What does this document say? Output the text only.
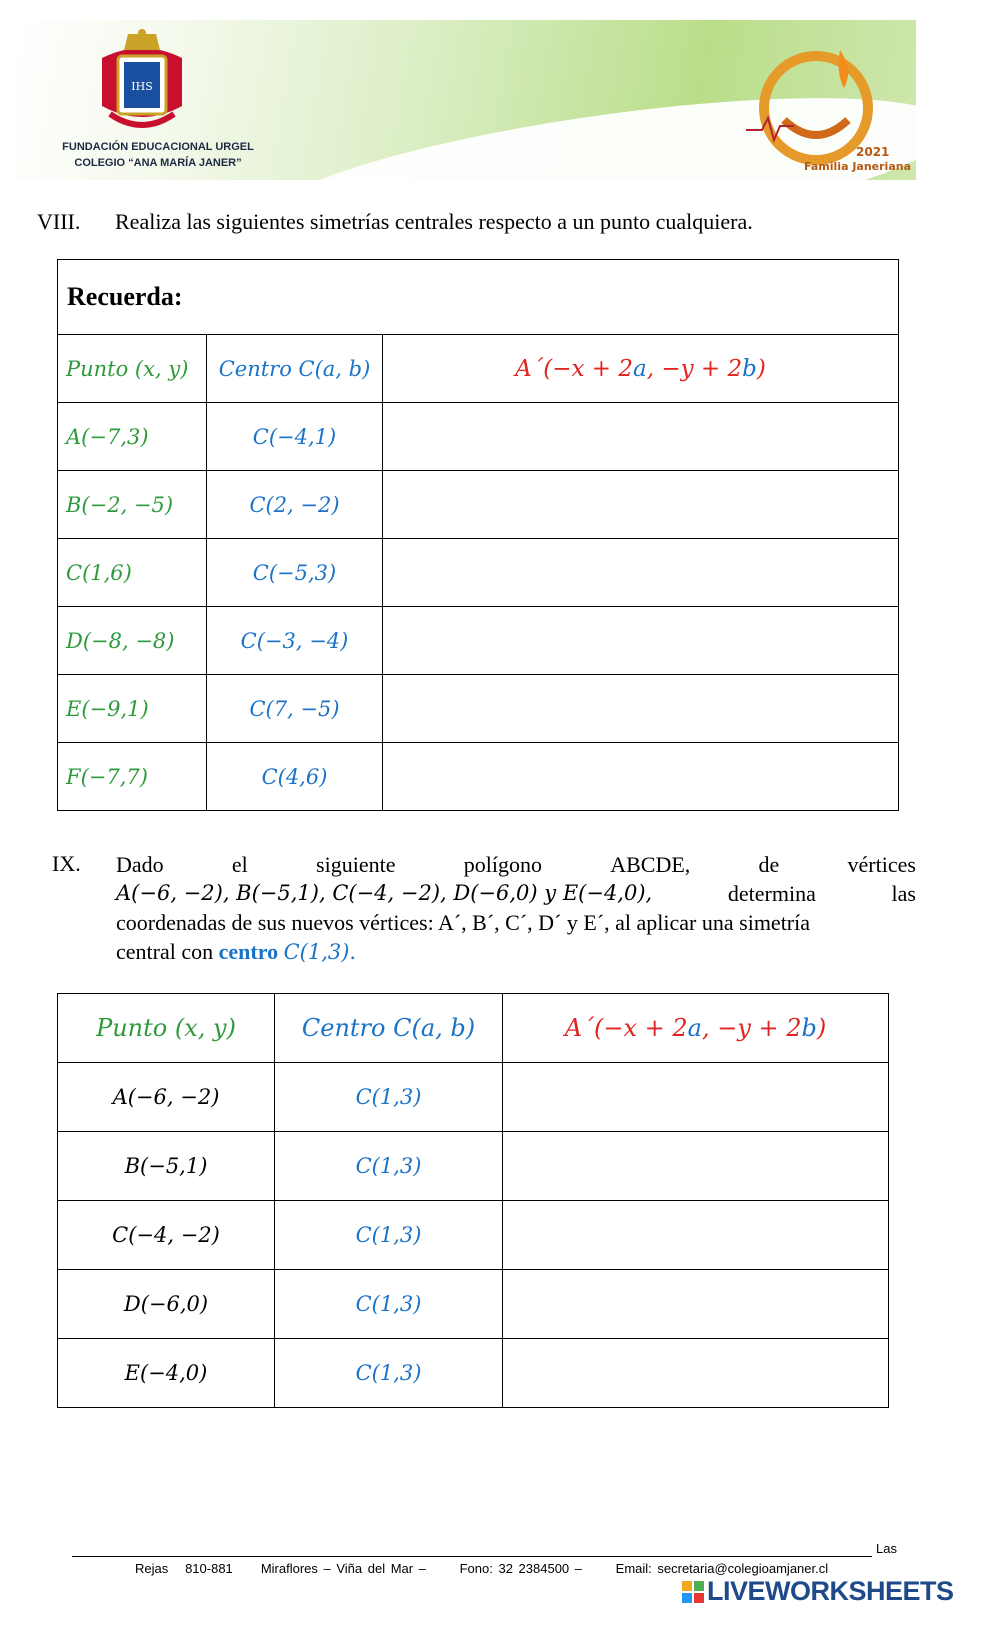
IHS
FUNDACIÓN EDUCACIONAL URGEL
COLEGIO “ANA MARÍA JANER”	Familia Janeriana
2021
VIII. Realiza las siguientes simetrías centrales respecto a un punto cualquiera.
Recuerda:		
Punto (x, y)	Centro C(a, b)	A´(−x + 2a, −y + 2b)
A(−7,3)	C(−4,1)	
B(−2, −5)	C(2, −2)	
C(1,6)	C(−5,3)	
D(−8, −8)	C(−3, −4)	
E(−9,1)	C(7, −5)	
F(−7,7)	C(4,6)	
IX. Dado	el	siguiente	polígono	ABCDE,	de	vértices
A(−6, −2), B(−5,1), C(−4, −2), D(−6,0) y E(−4,0),	determina	las
coordenadas de sus nuevos vértices: A´, B´, C´, D´ y E´, al aplicar una simetría
central con centro C(1,3).
Punto (x, y)	Centro C(a, b)	A´(−x + 2a, −y + 2b)
A(−6, −2)	C(1,3)	
B(−5,1)	C(1,3)	
C(−4, −2)	C(1,3)	
D(−6,0)	C(1,3)	
E(−4,0)	C(1,3)	
Las
Rejas   810-881     Miraflores – Viña del Mar –      Fono: 32 2384500 –      Email: secretaria@colegioamjaner.cl
LIVEWORKSHEETS
